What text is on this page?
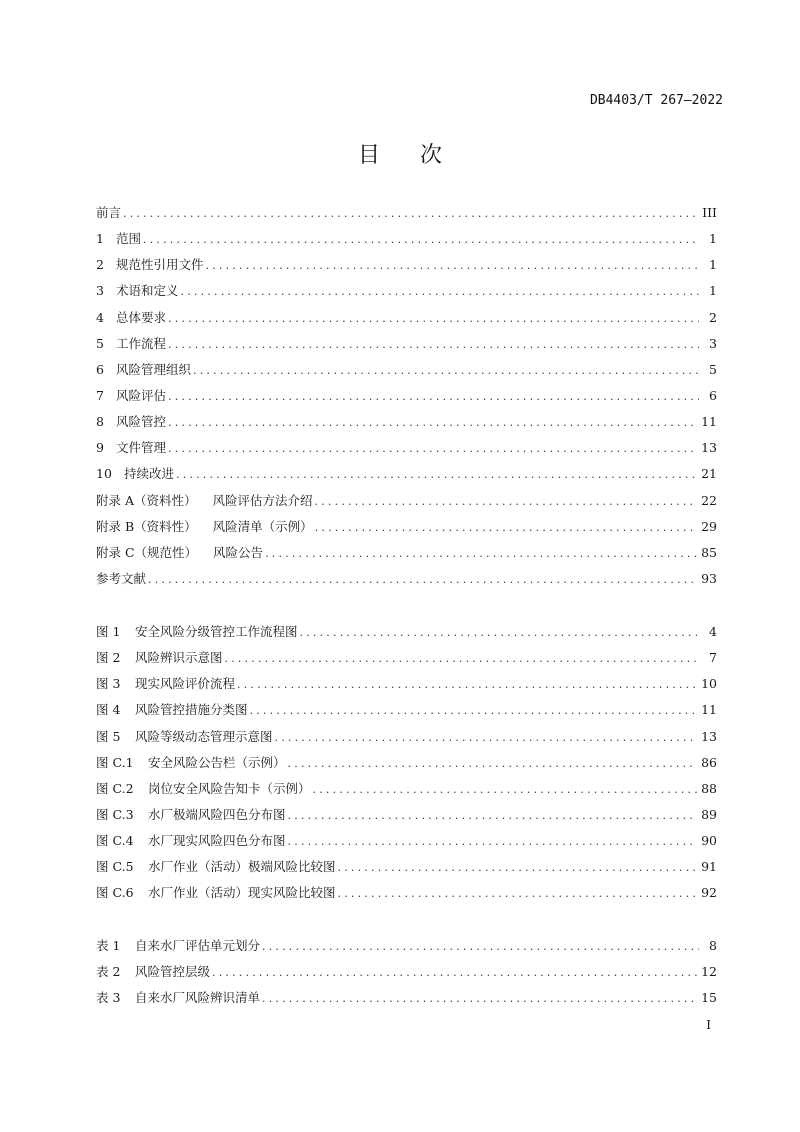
DB4403/T 267—2022
目 次
前言 .....	III
1 范围 .....	1
2 规范性引用文件 .....	1
3 术语和定义 .....	1
4 总体要求 .....	2
5 工作流程 .....	3
6 风险管理组织 .....	5
7 风险评估 .....	6
8 风险管控 .....	11
9 文件管理 .....	13
10 持续改进 .....	21
附录 A（资料性） 风险评估方法介绍 .....	22
附录 B（资料性） 风险清单（示例） .....	29
附录 C（规范性） 风险公告 .....	85
参考文献 .....	93
图 1	安全风险分级管控工作流程图 .....	4
图 2	风险辨识示意图 .....	7
图 3	现实风险评价流程 .....	10
图 4	风险管控措施分类图 .....	11
图 5	风险等级动态管理示意图 .....	13
图 C.1	安全风险公告栏（示例） .....	86
图 C.2	岗位安全风险告知卡（示例） .....	88
图 C.3	水厂极端风险四色分布图 .....	89
图 C.4	水厂现实风险四色分布图 .....	90
图 C.5	水厂作业（活动）极端风险比较图 .....	91
图 C.6	水厂作业（活动）现实风险比较图 .....	92
表 1	自来水厂评估单元划分 .....	8
表 2	风险管控层级 .....	12
表 3	自来水厂风险辨识清单 .....	15
I
